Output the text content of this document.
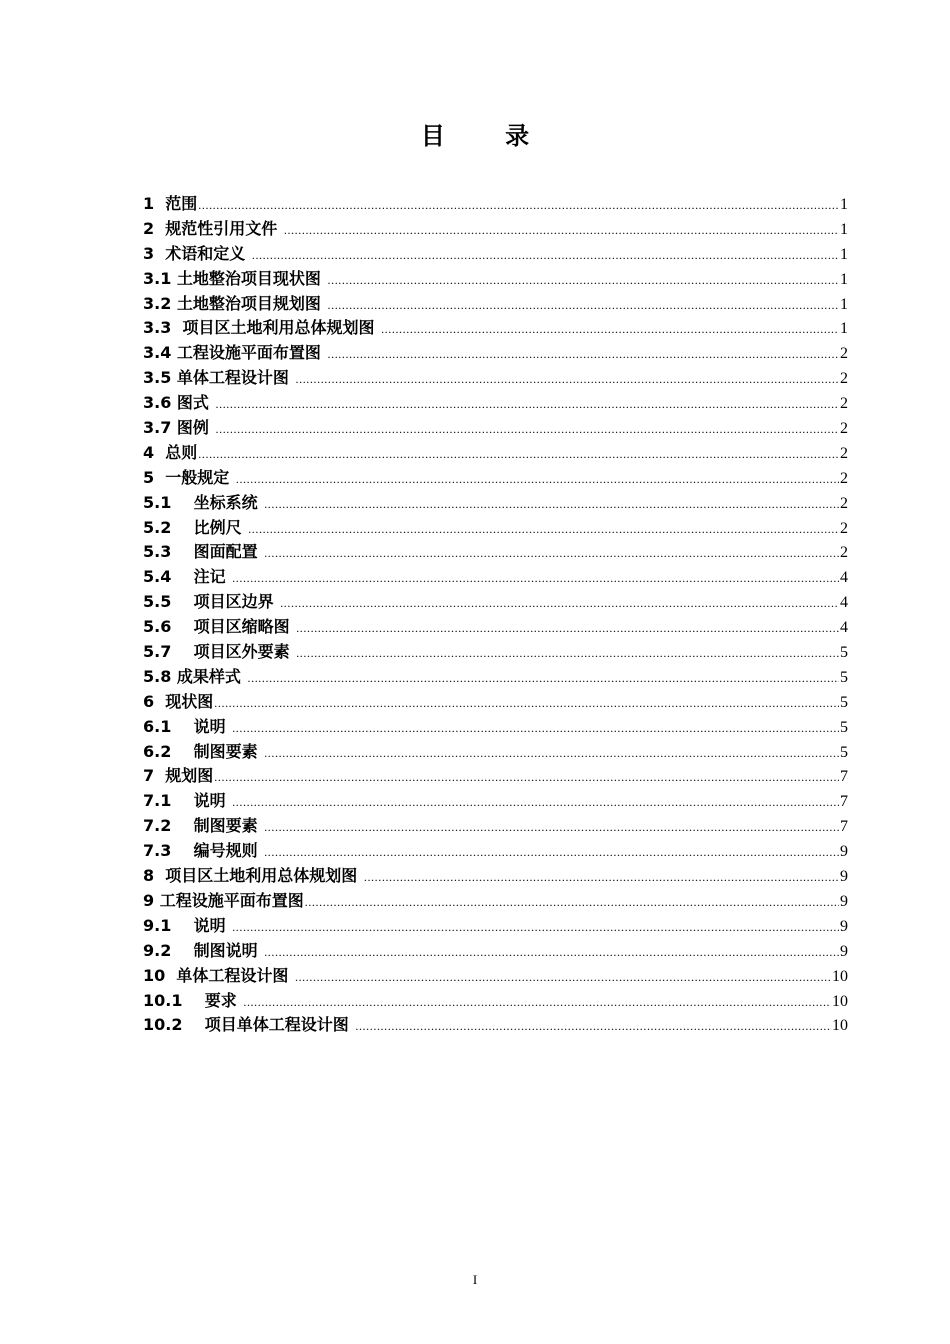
目 录
1  范围 .....	1
2  规范性引用文件 .....	1
3  术语和定义 .....	1
3.1 土地整治项目现状图 .....	1
3.2 土地整治项目规划图 .....	1
3.3  项目区土地利用总体规划图 .....	1
3.4 工程设施平面布置图 .....	2
3.5 单体工程设计图 .....	2
3.6 图式 .....	2
3.7 图例 .....	2
4  总则 .....	2
5  一般规定 .....	2
5.1    坐标系统 .....	2
5.2    比例尺 .....	2
5.3    图面配置 .....	2
5.4    注记 .....	4
5.5    项目区边界 .....	4
5.6    项目区缩略图 .....	4
5.7    项目区外要素 .....	5
5.8 成果样式 .....	5
6  现状图 .....	5
6.1    说明 .....	5
6.2    制图要素 .....	5
7  规划图 .....	7
7.1    说明 .....	7
7.2    制图要素 .....	7
7.3    编号规则 .....	9
8  项目区土地利用总体规划图 .....	9
9 工程设施平面布置图 .....	9
9.1    说明 .....	9
9.2    制图说明 .....	9
10  单体工程设计图 .....	10
10.1    要求 .....	10
10.2    项目单体工程设计图 .....	10
I
